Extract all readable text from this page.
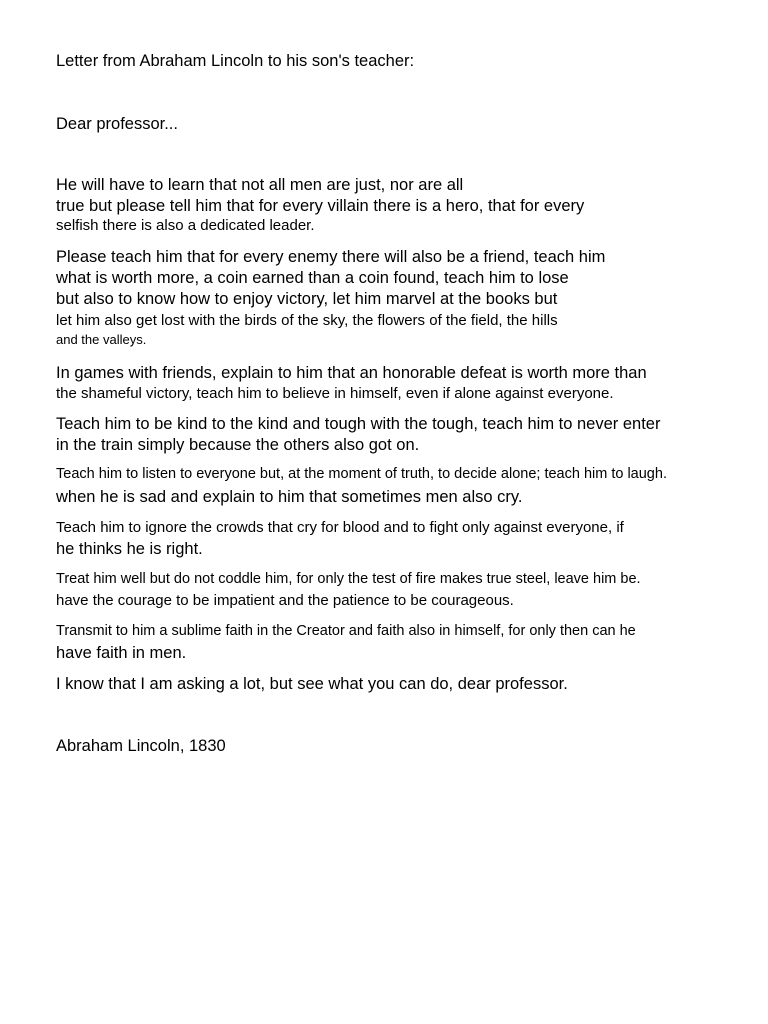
Letter from Abraham Lincoln to his son's teacher:
Dear professor...
He will have to learn that not all men are just, nor are all
true but please tell him that for every villain there is a hero, that for every
selfish there is also a dedicated leader.
Please teach him that for every enemy there will also be a friend, teach him
what is worth more, a coin earned than a coin found, teach him to lose
but also to know how to enjoy victory, let him marvel at the books but
let him also get lost with the birds of the sky, the flowers of the field, the hills
and the valleys.
In games with friends, explain to him that an honorable defeat is worth more than
the shameful victory, teach him to believe in himself, even if alone against everyone.
Teach him to be kind to the kind and tough with the tough, teach him to never enter
in the train simply because the others also got on.
Teach him to listen to everyone but, at the moment of truth, to decide alone; teach him to laugh.
when he is sad and explain to him that sometimes men also cry.
Teach him to ignore the crowds that cry for blood and to fight only against everyone, if
he thinks he is right.
Treat him well but do not coddle him, for only the test of fire makes true steel, leave him be.
have the courage to be impatient and the patience to be courageous.
Transmit to him a sublime faith in the Creator and faith also in himself, for only then can he
have faith in men.
I know that I am asking a lot, but see what you can do, dear professor.
Abraham Lincoln, 1830
